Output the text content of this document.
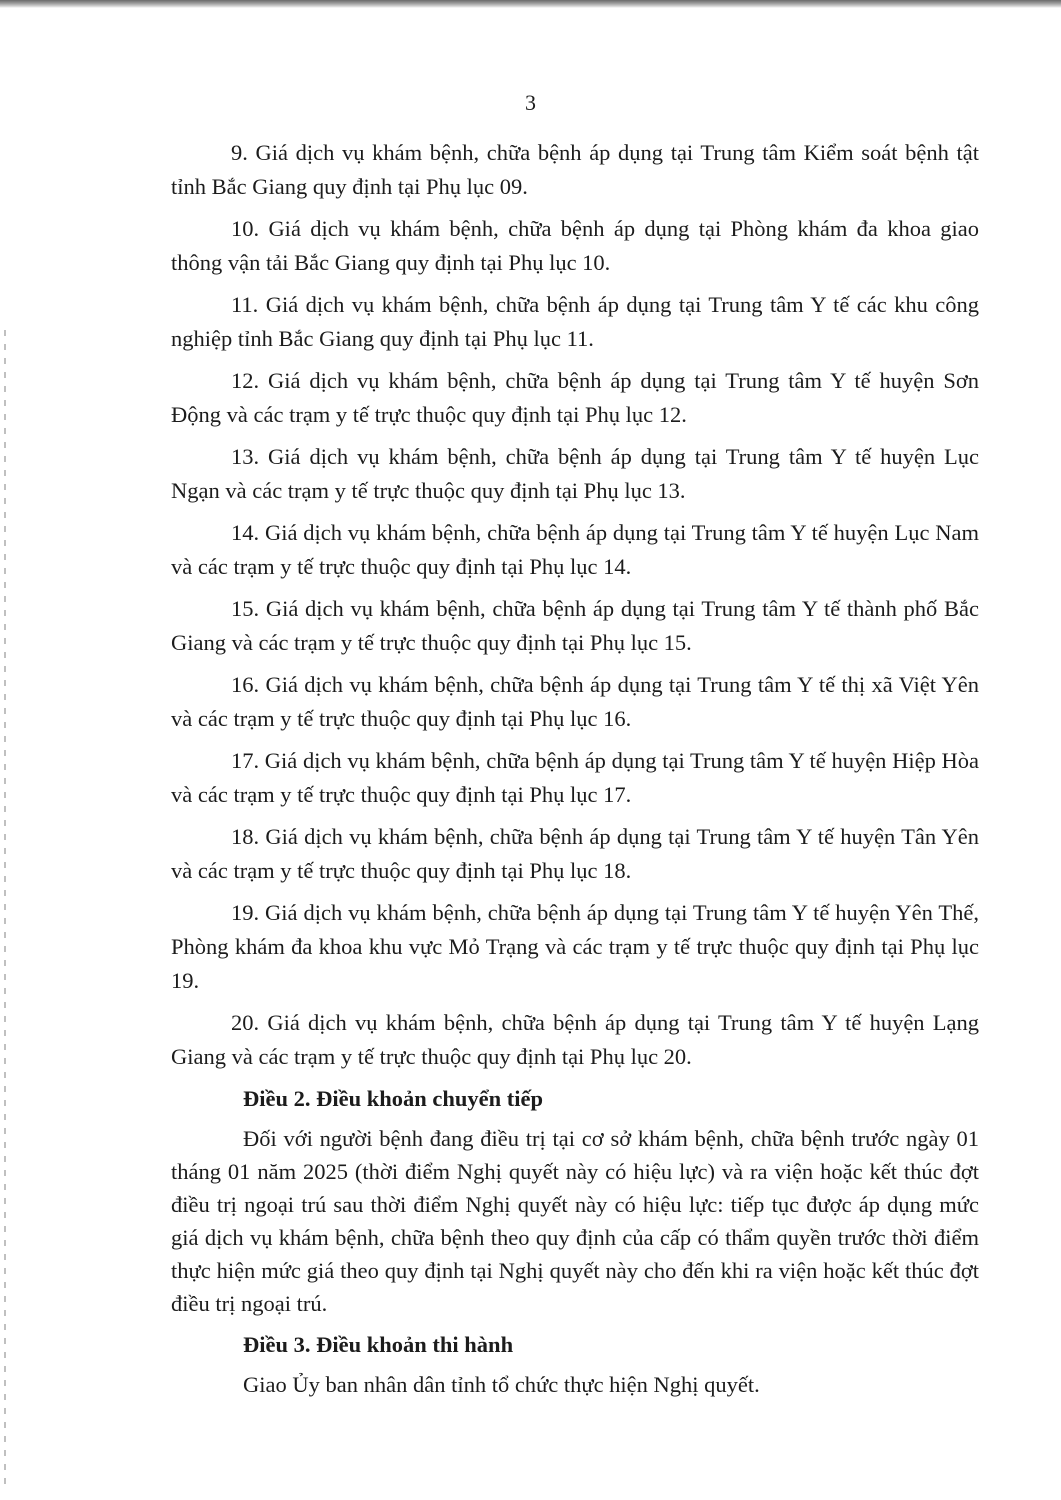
3

9. Giá dịch vụ khám bệnh, chữa bệnh áp dụng tại Trung tâm Kiểm soát bệnh tật tỉnh Bắc Giang quy định tại Phụ lục 09.

10. Giá dịch vụ khám bệnh, chữa bệnh áp dụng tại Phòng khám đa khoa giao thông vận tải Bắc Giang quy định tại Phụ lục 10.

11. Giá dịch vụ khám bệnh, chữa bệnh áp dụng tại Trung tâm Y tế các khu công nghiệp tỉnh Bắc Giang quy định tại Phụ lục 11.

12. Giá dịch vụ khám bệnh, chữa bệnh áp dụng tại Trung tâm Y tế huyện Sơn Động và các trạm y tế trực thuộc quy định tại Phụ lục 12.

13. Giá dịch vụ khám bệnh, chữa bệnh áp dụng tại Trung tâm Y tế huyện Lục Ngạn và các trạm y tế trực thuộc quy định tại Phụ lục 13.

14. Giá dịch vụ khám bệnh, chữa bệnh áp dụng tại Trung tâm Y tế huyện Lục Nam và các trạm y tế trực thuộc quy định tại Phụ lục 14.

15. Giá dịch vụ khám bệnh, chữa bệnh áp dụng tại Trung tâm Y tế thành phố Bắc Giang và các trạm y tế trực thuộc quy định tại Phụ lục 15.

16. Giá dịch vụ khám bệnh, chữa bệnh áp dụng tại Trung tâm Y tế thị xã Việt Yên và các trạm y tế trực thuộc quy định tại Phụ lục 16.

17. Giá dịch vụ khám bệnh, chữa bệnh áp dụng tại Trung tâm Y tế huyện Hiệp Hòa và các trạm y tế trực thuộc quy định tại Phụ lục 17.

18. Giá dịch vụ khám bệnh, chữa bệnh áp dụng tại Trung tâm Y tế huyện Tân Yên và các trạm y tế trực thuộc quy định tại Phụ lục 18.

19. Giá dịch vụ khám bệnh, chữa bệnh áp dụng tại Trung tâm Y tế huyện Yên Thế, Phòng khám đa khoa khu vực Mỏ Trạng và các trạm y tế trực thuộc quy định tại Phụ lục 19.

20. Giá dịch vụ khám bệnh, chữa bệnh áp dụng tại Trung tâm Y tế huyện Lạng Giang và các trạm y tế trực thuộc quy định tại Phụ lục 20.

Điều 2. Điều khoản chuyển tiếp

Đối với người bệnh đang điều trị tại cơ sở khám bệnh, chữa bệnh trước ngày 01 tháng 01 năm 2025 (thời điểm Nghị quyết này có hiệu lực) và ra viện hoặc kết thúc đợt điều trị ngoại trú sau thời điểm Nghị quyết này có hiệu lực: tiếp tục được áp dụng mức giá dịch vụ khám bệnh, chữa bệnh theo quy định của cấp có thẩm quyền trước thời điểm thực hiện mức giá theo quy định tại Nghị quyết này cho đến khi ra viện hoặc kết thúc đợt điều trị ngoại trú.

Điều 3. Điều khoản thi hành

Giao Ủy ban nhân dân tỉnh tổ chức thực hiện Nghị quyết.
